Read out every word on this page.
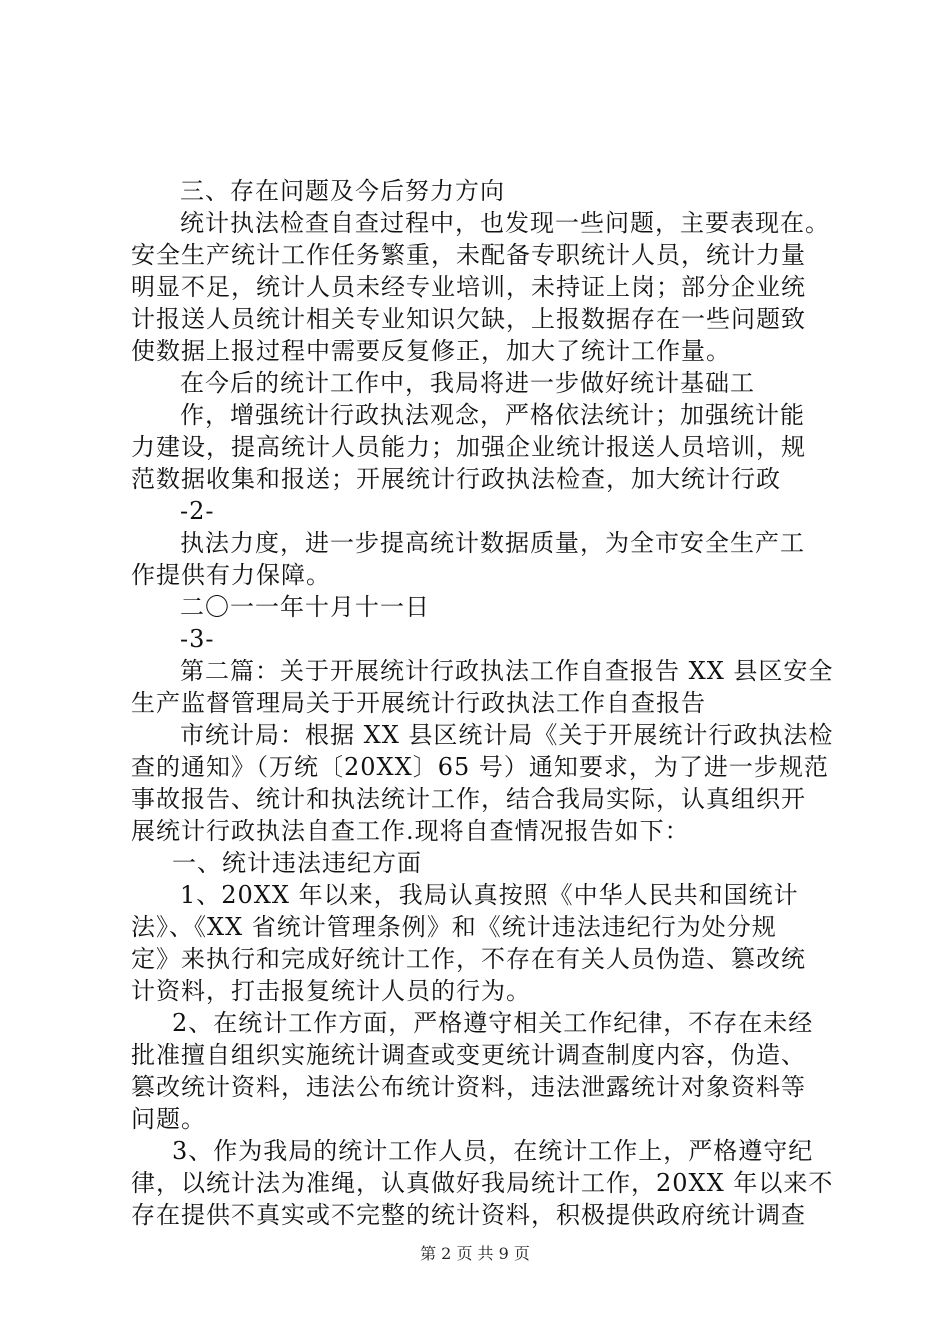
三、存在问题及今后努力方向
统计执法检查自查过程中，也发现一些问题，主要表现在。
安全生产统计工作任务繁重，未配备专职统计人员，统计力量
明显不足，统计人员未经专业培训，未持证上岗；部分企业统
计报送人员统计相关专业知识欠缺，上报数据存在一些问题致
使数据上报过程中需要反复修正，加大了统计工作量。
在今后的统计工作中，我局将进一步做好统计基础工
作，增强统计行政执法观念，严格依法统计；加强统计能
力建设，提高统计人员能力；加强企业统计报送人员培训，规
范数据收集和报送；开展统计行政执法检查，加大统计行政
-2-
执法力度，进一步提高统计数据质量，为全市安全生产工
作提供有力保障。
二〇一一年十月十一日
-3-
第二篇：关于开展统计行政执法工作自查报告 XX 县区安全
生产监督管理局关于开展统计行政执法工作自查报告
市统计局：根据 XX 县区统计局《关于开展统计行政执法检
查的通知》（万统〔20XX〕65 号）通知要求，为了进一步规范
事故报告、统计和执法统计工作，结合我局实际，认真组织开
展统计行政执法自查工作.现将自查情况报告如下：
一、统计违法违纪方面
1、20XX 年以来，我局认真按照《中华人民共和国统计
法》、《XX 省统计管理条例》和《统计违法违纪行为处分规
定》来执行和完成好统计工作，不存在有关人员伪造、篡改统
计资料，打击报复统计人员的行为。
2、在统计工作方面，严格遵守相关工作纪律，不存在未经
批准擅自组织实施统计调查或变更统计调查制度内容，伪造、
篡改统计资料，违法公布统计资料，违法泄露统计对象资料等
问题。
3、作为我局的统计工作人员，在统计工作上，严格遵守纪
律，以统计法为准绳，认真做好我局统计工作，20XX 年以来不
存在提供不真实或不完整的统计资料，积极提供政府统计调查
第 2 页 共 9 页
